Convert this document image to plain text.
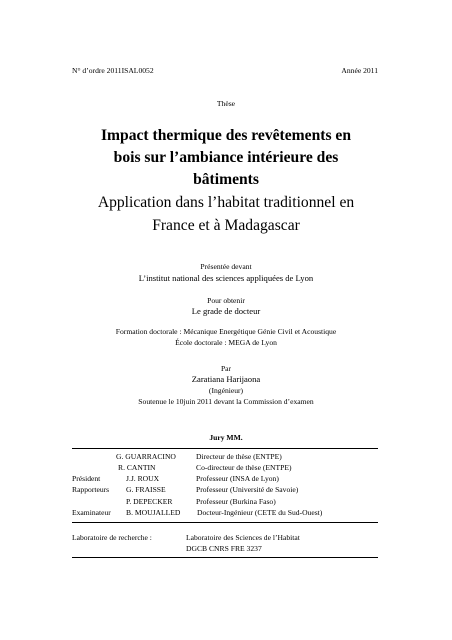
N° d’ordre 2011ISAL0052	Année 2011
Thèse
Impact thermique des revêtements en
bois sur l’ambiance intérieure des
bâtiments
Application dans l’habitat traditionnel en
France et à Madagascar
Présentée devant
L’institut national des sciences appliquées de Lyon
Pour obtenir
Le grade de docteur
Formation doctorale : Mécanique Energétique Génie Civil et Acoustique
École doctorale : MEGA de Lyon
Par
Zaratiana Harijaona
(Ingénieur)
Soutenue le 10juin 2011 devant la Commission d’examen
Jury MM.
G. GUARRACINO	Directeur de thèse (ENTPE)
R. CANTIN	Co-directeur de thèse (ENTPE)
Président	J.J. ROUX	Professeur (INSA de Lyon)
Rapporteurs G. FRAISSE	Professeur (Université de Savoie)
P. DEPECKER	Professeur (Burkina Faso)
Examinateur B. MOUJALLED Docteur-Ingénieur (CETE du Sud-Ouest)
Laboratoire de recherche :	Laboratoire des Sciences de l’Habitat
DGCB CNRS FRE 3237
